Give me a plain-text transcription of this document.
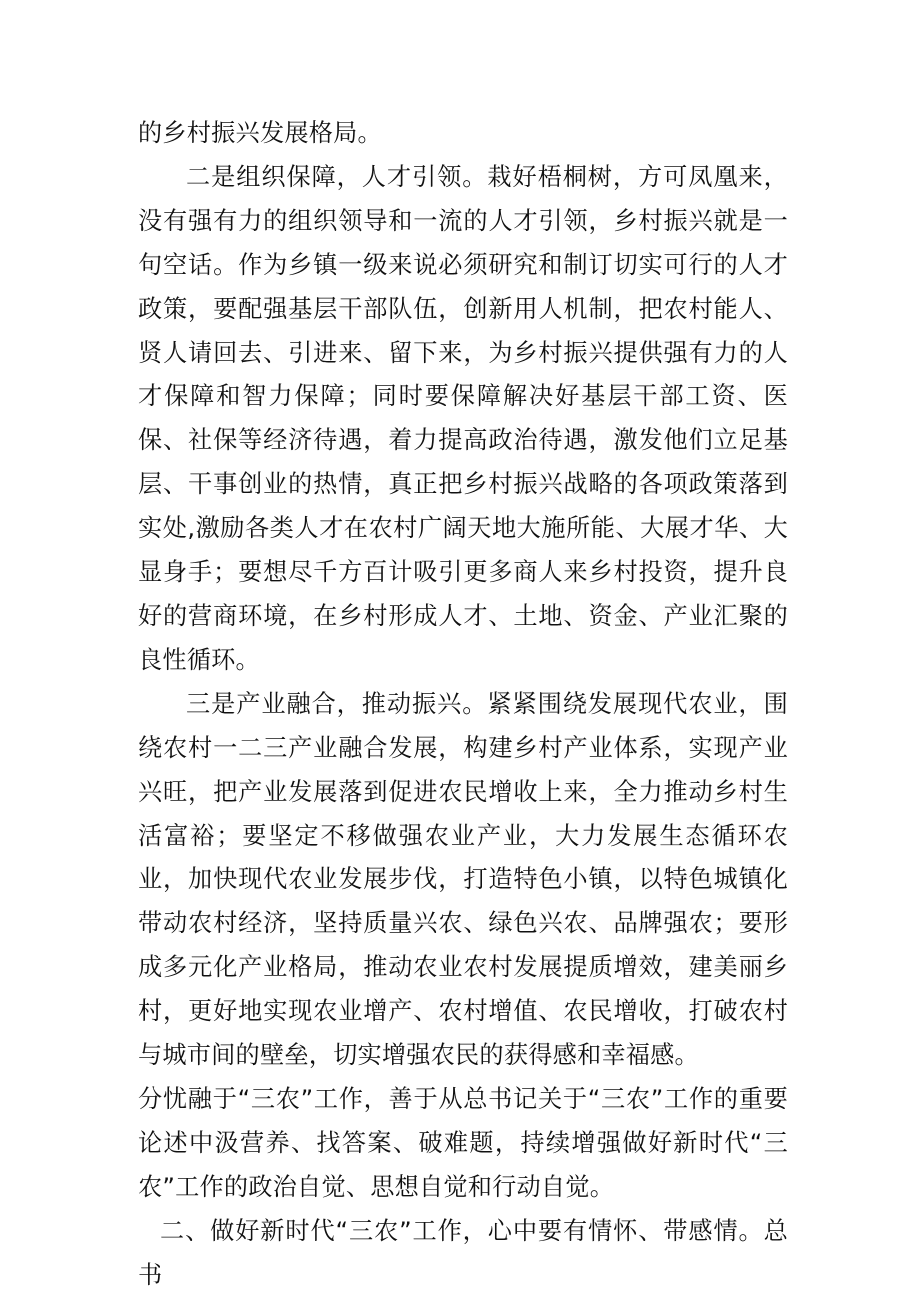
的乡村振兴发展格局。

二是组织保障，人才引领。栽好梧桐树，方可凤凰来，没有强有力的组织领导和一流的人才引领，乡村振兴就是一句空话。作为乡镇一级来说必须研究和制订切实可行的人才政策，要配强基层干部队伍，创新用人机制，把农村能人、贤人请回去、引进来、留下来，为乡村振兴提供强有力的人才保障和智力保障；同时要保障解决好基层干部工资、医保、社保等经济待遇，着力提高政治待遇，激发他们立足基层、干事创业的热情，真正把乡村振兴战略的各项政策落到实处,激励各类人才在农村广阔天地大施所能、大展才华、大显身手；要想尽千方百计吸引更多商人来乡村投资，提升良好的营商环境，在乡村形成人才、土地、资金、产业汇聚的良性循环。

三是产业融合，推动振兴。紧紧围绕发展现代农业，围绕农村一二三产业融合发展，构建乡村产业体系，实现产业兴旺，把产业发展落到促进农民增收上来，全力推动乡村生活富裕；要坚定不移做强农业产业，大力发展生态循环农业，加快现代农业发展步伐，打造特色小镇，以特色城镇化带动农村经济，坚持质量兴农、绿色兴农、品牌强农；要形成多元化产业格局，推动农业农村发展提质增效，建美丽乡村，更好地实现农业增产、农村增值、农民增收，打破农村与城市间的壁垒，切实增强农民的获得感和幸福感。

分忧融于“三农”工作，善于从总书记关于“三农”工作的重要论述中汲营养、找答案、破难题，持续增强做好新时代“三农”工作的政治自觉、思想自觉和行动自觉。

二、做好新时代“三农”工作，心中要有情怀、带感情。总书
